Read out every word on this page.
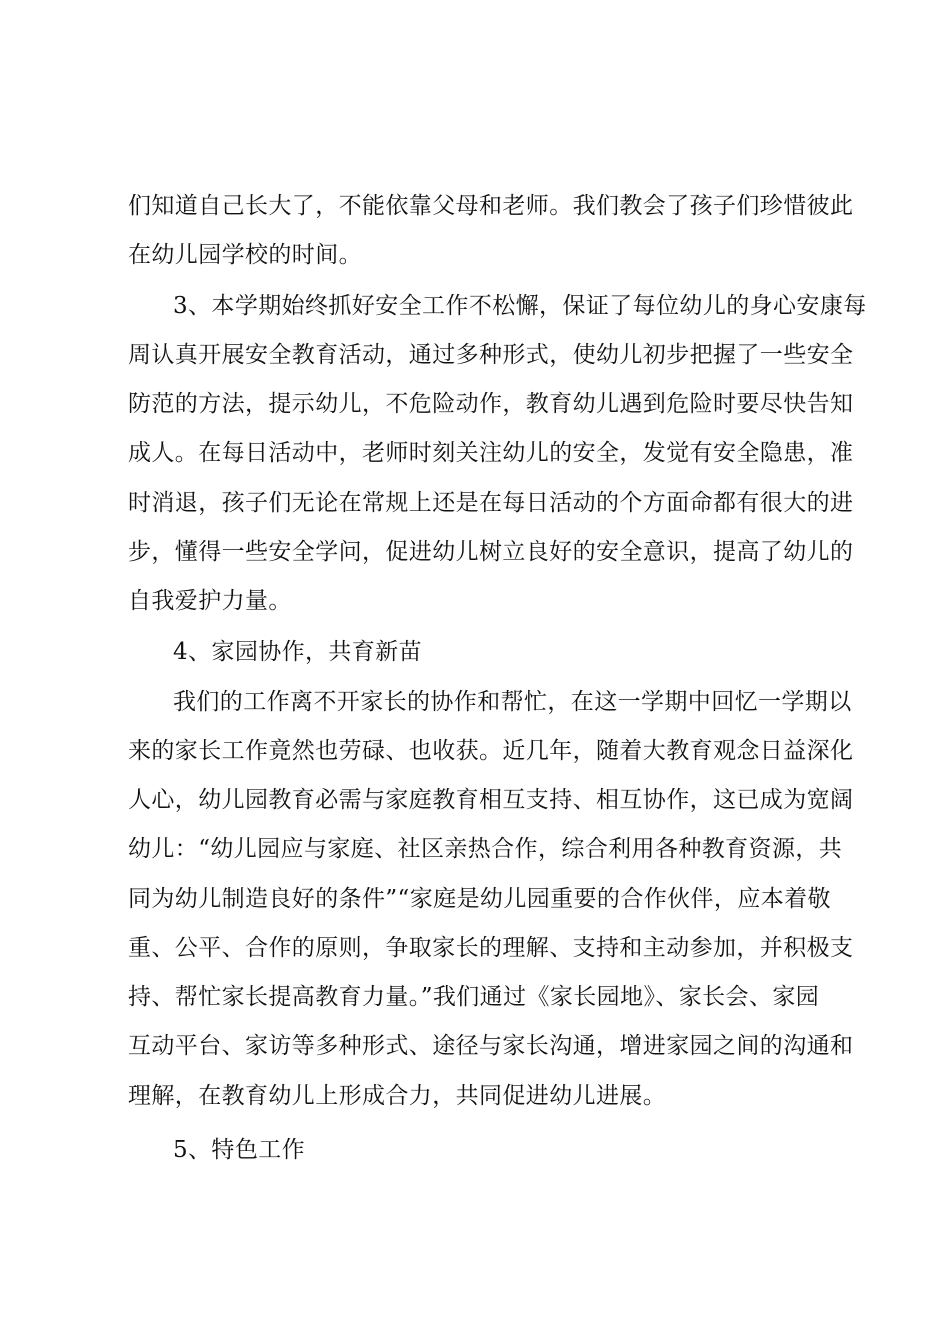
们知道自己长大了，不能依靠父母和老师。我们教会了孩子们珍惜彼此
在幼儿园学校的时间。
3、本学期始终抓好安全工作不松懈，保证了每位幼儿的身心安康每
周认真开展安全教育活动，通过多种形式，使幼儿初步把握了一些安全
防范的方法，提示幼儿，不危险动作，教育幼儿遇到危险时要尽快告知
成人。在每日活动中，老师时刻关注幼儿的安全，发觉有安全隐患，准
时消退，孩子们无论在常规上还是在每日活动的个方面命都有很大的进
步，懂得一些安全学问，促进幼儿树立良好的安全意识，提高了幼儿的
自我爱护力量。
4、家园协作，共育新苗
我们的工作离不开家长的协作和帮忙，在这一学期中回忆一学期以
来的家长工作竟然也劳碌、也收获。近几年，随着大教育观念日益深化
人心，幼儿园教育必需与家庭教育相互支持、相互协作，这已成为宽阔
幼儿：“幼儿园应与家庭、社区亲热合作，综合利用各种教育资源，共
同为幼儿制造良好的条件”“家庭是幼儿园重要的合作伙伴，应本着敬
重、公平、合作的原则，争取家长的理解、支持和主动参加，并积极支
持、帮忙家长提高教育力量。”我们通过《家长园地》、家长会、家园
互动平台、家访等多种形式、途径与家长沟通，增进家园之间的沟通和
理解，在教育幼儿上形成合力，共同促进幼儿进展。
5、特色工作
